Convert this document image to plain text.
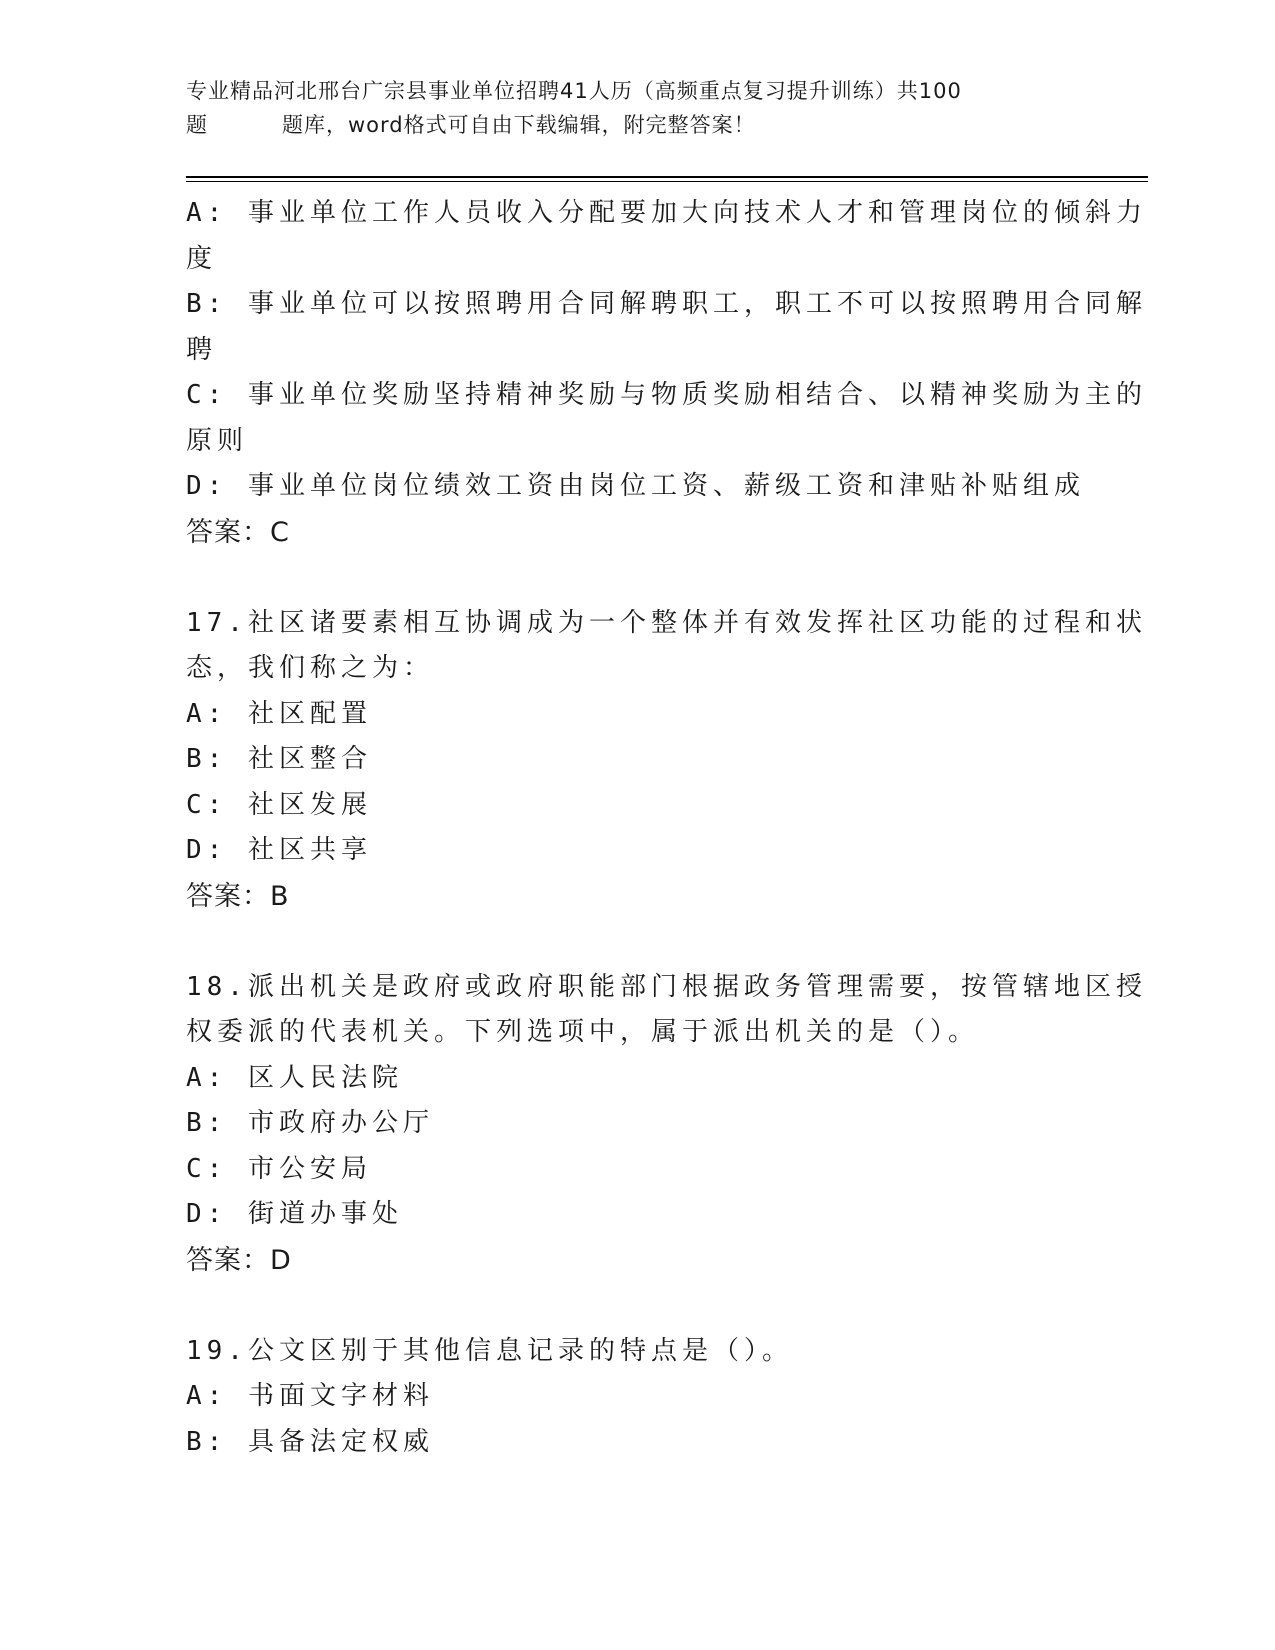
专业精品河北邢台广宗县事业单位招聘41人历（高频重点复习提升训练）共100
题	题库，word格式可自由下载编辑，附完整答案！
A: 事业单位工作人员收入分配要加大向技术人才和管理岗位的倾斜力
度
B: 事业单位可以按照聘用合同解聘职工，职工不可以按照聘用合同解
聘
C: 事业单位奖励坚持精神奖励与物质奖励相结合、以精神奖励为主的
原则
D: 事业单位岗位绩效工资由岗位工资、薪级工资和津贴补贴组成
答案：C
17.社区诸要素相互协调成为一个整体并有效发挥社区功能的过程和状
态，我们称之为：
A: 社区配置
B: 社区整合
C: 社区发展
D: 社区共享
答案：B
18.派出机关是政府或政府职能部门根据政务管理需要，按管辖地区授
权委派的代表机关。下列选项中，属于派出机关的是（）。
A: 区人民法院
B: 市政府办公厅
C: 市公安局
D: 街道办事处
答案：D
19.公文区别于其他信息记录的特点是（）。
A: 书面文字材料
B: 具备法定权威
